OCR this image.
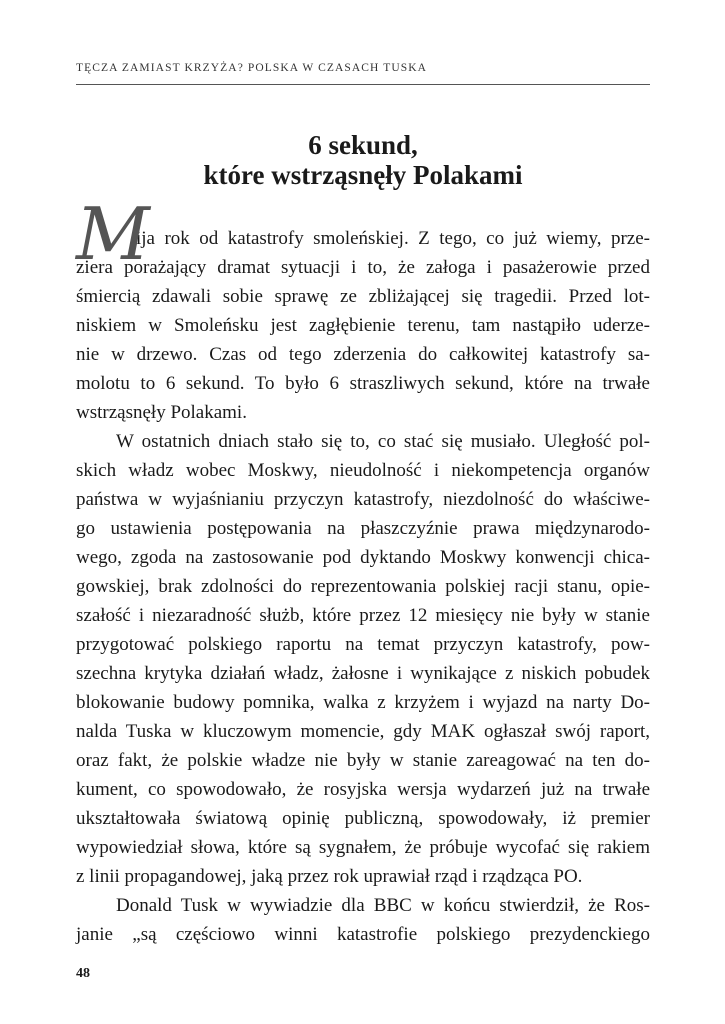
TĘCZA ZAMIAST KRZYŻA? POLSKA W CZASACH TUSKA
6 sekund,
które wstrząsnęły Polakami
M
ija rok od katastrofy smoleńskiej. Z tego, co już wiemy, prze-
ziera porażający dramat sytuacji i to, że załoga i pasażerowie przed
śmiercią zdawali sobie sprawę ze zbliżającej się tragedii. Przed lot-
niskiem w Smoleńsku jest zagłębienie terenu, tam nastąpiło uderze-
nie w drzewo. Czas od tego zderzenia do całkowitej katastrofy sa-
molotu to 6 sekund. To było 6 straszliwych sekund, które na trwałe
wstrząsnęły Polakami.
W ostatnich dniach stało się to, co stać się musiało. Uległość pol-
skich władz wobec Moskwy, nieudolność i niekompetencja organów
państwa w wyjaśnianiu przyczyn katastrofy, niezdolność do właściwe-
go ustawienia postępowania na płaszczyźnie prawa międzynarodo-
wego, zgoda na zastosowanie pod dyktando Moskwy konwencji chica-
gowskiej, brak zdolności do reprezentowania polskiej racji stanu, opie-
szałość i niezaradność służb, które przez 12 miesięcy nie były w stanie
przygotować polskiego raportu na temat przyczyn katastrofy, pow-
szechna krytyka działań władz, żałosne i wynikające z niskich pobudek
blokowanie budowy pomnika, walka z krzyżem i wyjazd na narty Do-
nalda Tuska w kluczowym momencie, gdy MAK ogłaszał swój raport,
oraz fakt, że polskie władze nie były w stanie zareagować na ten do-
kument, co spowodowało, że rosyjska wersja wydarzeń już na trwałe
ukształtowała światową opinię publiczną, spowodowały, iż premier
wypowiedział słowa, które są sygnałem, że próbuje wycofać się rakiem
z linii propagandowej, jaką przez rok uprawiał rząd i rządząca PO.
Donald Tusk w wywiadzie dla BBC w końcu stwierdził, że Ros-
janie „są częściowo winni katastrofie polskiego prezydenckiego
48
